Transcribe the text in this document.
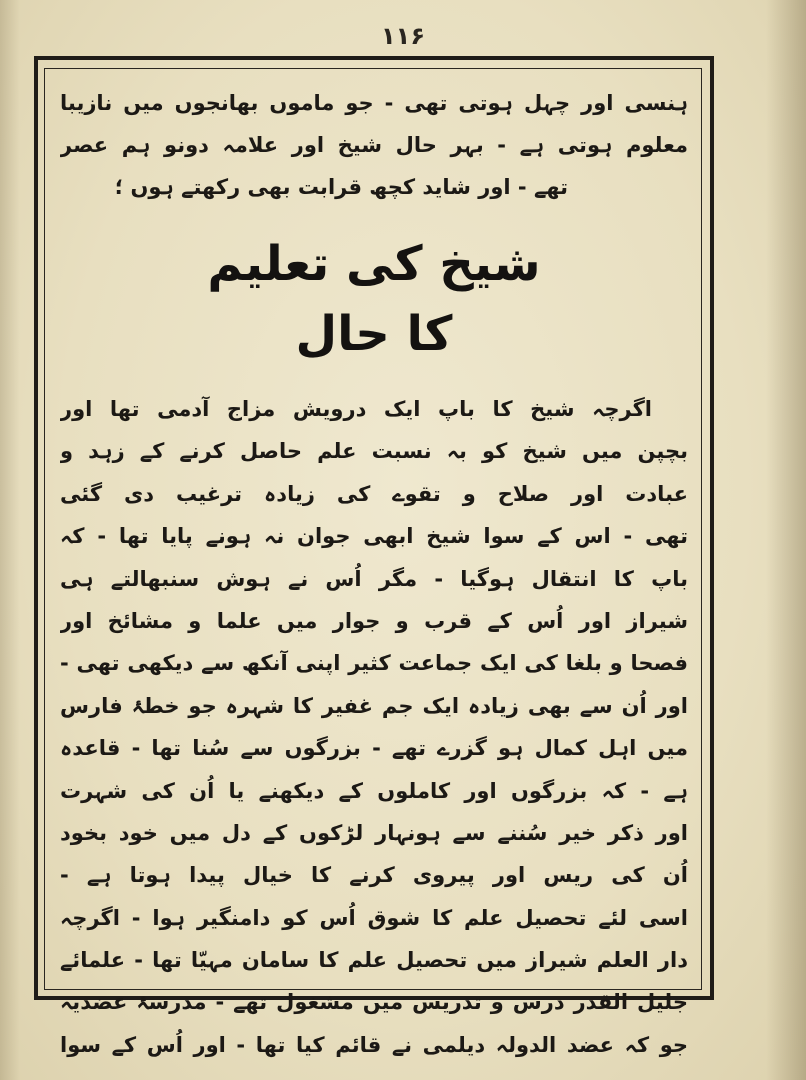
۱۱۶
ہنسی اور چہل ہوتی تھی - جو ماموں بھانجوں میں نازیبا
معلوم ہوتی ہے - بہر حال شیخ اور علامہ دونو ہم عصر
تھے - اور شاید کچھ قرابت بھی رکھتے ہوں ؛
شیخ کی تعلیم
کا حال
اگرچہ شیخ کا باپ ایک درویش مزاج آدمی تھا اور
بچپن میں شیخ کو بہ نسبت علم حاصل کرنے کے زہد و
عبادت اور صلاح و تقوے کی زیادہ ترغیب دی گئی
تھی - اس کے سوا شیخ ابھی جوان نہ ہونے پایا تھا - کہ
باپ کا انتقال ہوگیا - مگر اُس نے ہوش سنبھالتے ہی
شیراز اور اُس کے قرب و جوار میں علما و مشائخ اور
فصحا و بلغا کی ایک جماعت کثیر اپنی آنکھ سے دیکھی تھی -
اور اُن سے بھی زیادہ ایک جم غفیر کا شہرہ جو خطۂ فارس
میں اہل کمال ہو گزرے تھے - بزرگوں سے سُنا تھا - قاعدہ
ہے - کہ بزرگوں اور کاملوں کے دیکھنے یا اُن کی شہرت
اور ذکر خیر سُننے سے ہونہار لڑکوں کے دل میں خود بخود
اُن کی ریس اور پیروی کرنے کا خیال پیدا ہوتا ہے -
اسی لئے تحصیل علم کا شوق اُس کو دامنگیر ہوا - اگرچہ
دار العلم شیراز میں تحصیل علم کا سامان مہیّا تھا - علمائے
جلیل القدر درس و تدریس میں مشغول تھے - مدرسۂ عضدیہ
جو کہ عضد الدولہ دیلمی نے قائم کیا تھا - اور اُس کے سوا
